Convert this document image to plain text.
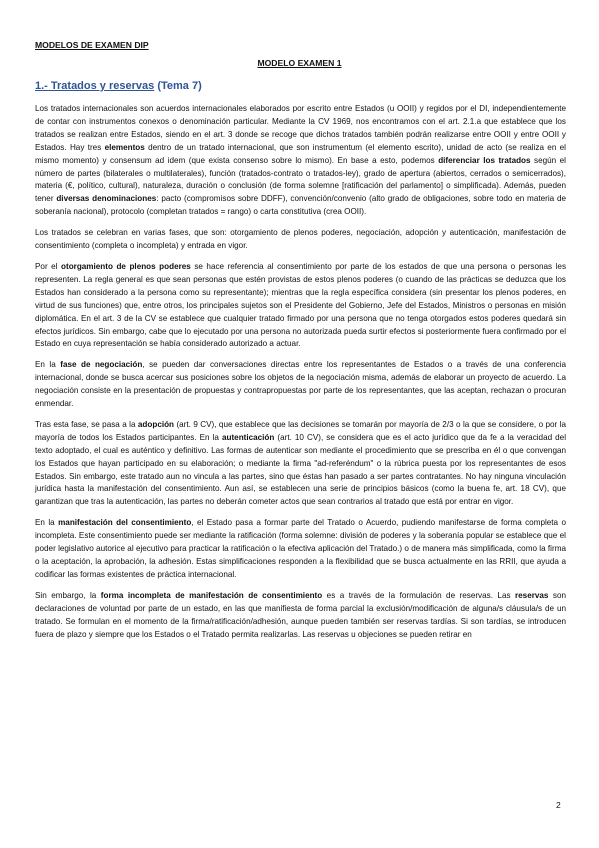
MODELOS DE EXAMEN DIP
MODELO EXAMEN 1
1.- Tratados y reservas (Tema 7)

Los tratados internacionales son acuerdos internacionales elaborados por escrito entre Estados (u OOII) y regidos por el DI, independientemente de contar con instrumentos conexos o denominación particular. Mediante la CV 1969, nos encontramos con el art. 2.1.a que establece que los tratados se realizan entre Estados, siendo en el art. 3 donde se recoge que dichos tratados también podrán realizarse entre OOII y entre OOII y Estados. Hay tres elementos dentro de un tratado internacional, que son instrumentum (el elemento escrito), unidad de acto (se realiza en el mismo momento) y consensum ad idem (que exista consenso sobre lo mismo). En base a esto, podemos diferenciar los tratados según el número de partes (bilaterales o multilaterales), función (tratados-contrato o tratados-ley), grado de apertura (abiertos, cerrados o semicerrados), materia (€, político, cultural), naturaleza, duración o conclusión (de forma solemne [ratificación del parlamento] o simplificada). Además, pueden tener diversas denominaciones: pacto (compromisos sobre DDFF), convención/convenio (alto grado de obligaciones, sobre todo en materia de soberanía nacional), protocolo (completan tratados = rango) o carta constitutiva (crea OOII).

Los tratados se celebran en varias fases, que son: otorgamiento de plenos poderes, negociación, adopción y autenticación, manifestación de consentimiento (completa o incompleta) y entrada en vigor.

Por el otorgamiento de plenos poderes se hace referencia al consentimiento por parte de los estados de que una persona o personas les representen. La regla general es que sean personas que estén provistas de estos plenos poderes (o cuando de las prácticas se deduzca que los Estados han considerado a la persona como su representante); mientras que la regla específica considera (sin presentar los plenos poderes, en virtud de sus funciones) que, entre otros, los principales sujetos son el Presidente del Gobierno, Jefe del Estados, Ministros o personas en misión diplomática. En el art. 3 de la CV se establece que cualquier tratado firmado por una persona que no tenga otorgados estos poderes quedará sin efectos jurídicos. Sin embargo, cabe que lo ejecutado por una persona no autorizada pueda surtir efectos si posteriormente fuera confirmado por el Estado en cuya representación se había considerado autorizado a actuar.

En la fase de negociación, se pueden dar conversaciones directas entre los representantes de Estados o a través de una conferencia internacional, donde se busca acercar sus posiciones sobre los objetos de la negociación misma, además de elaborar un proyecto de acuerdo. La negociación consiste en la presentación de propuestas y contrapropuestas por parte de los representantes, que las aceptan, rechazan o procuran enmendar.

Tras esta fase, se pasa a la adopción (art. 9 CV), que establece que las decisiones se tomarán por mayoría de 2/3 o la que se considere, o por la mayoría de todos los Estados participantes. En la autenticación (art. 10 CV), se considera que es el acto jurídico que da fe a la veracidad del texto adoptado, el cual es auténtico y definitivo. Las formas de autenticar son mediante el procedimiento que se prescriba en él o que convengan los Estados que hayan participado en su elaboración; o mediante la firma "ad-referéndum" o la rúbrica puesta por los representantes de esos Estados. Sin embargo, este tratado aun no vincula a las partes, sino que éstas han pasado a ser partes contratantes. No hay ninguna vinculación jurídica hasta la manifestación del consentimiento. Aun así, se establecen una serie de principios básicos (como la buena fe, art. 18 CV), que garantizan que tras la autenticación, las partes no deberán cometer actos que sean contrarios al tratado que está por entrar en vigor.

En la manifestación del consentimiento, el Estado pasa a formar parte del Tratado o Acuerdo, pudiendo manifestarse de forma completa o incompleta. Este consentimiento puede ser mediante la ratificación (forma solemne: división de poderes y la soberanía popular se establece que el poder legislativo autorice al ejecutivo para practicar la ratificación o la efectiva aplicación del Tratado.) o de manera más simplificada, como la firma o la aceptación, la aprobación, la adhesión. Estas simplificaciones responden a la flexibilidad que se busca actualmente en las RRII, que ayuda a codificar las formas existentes de práctica internacional.

Sin embargo, la forma incompleta de manifestación de consentimiento es a través de la formulación de reservas. Las reservas son declaraciones de voluntad por parte de un estado, en las que manifiesta de forma parcial la exclusión/modificación de alguna/s cláusula/s de un tratado. Se formulan en el momento de la firma/ratificación/adhesión, aunque pueden también ser reservas tardías. Si son tardías, se introducen fuera de plazo y siempre que los Estados o el Tratado permita realizarlas. Las reservas u objeciones se pueden retirar en

2
